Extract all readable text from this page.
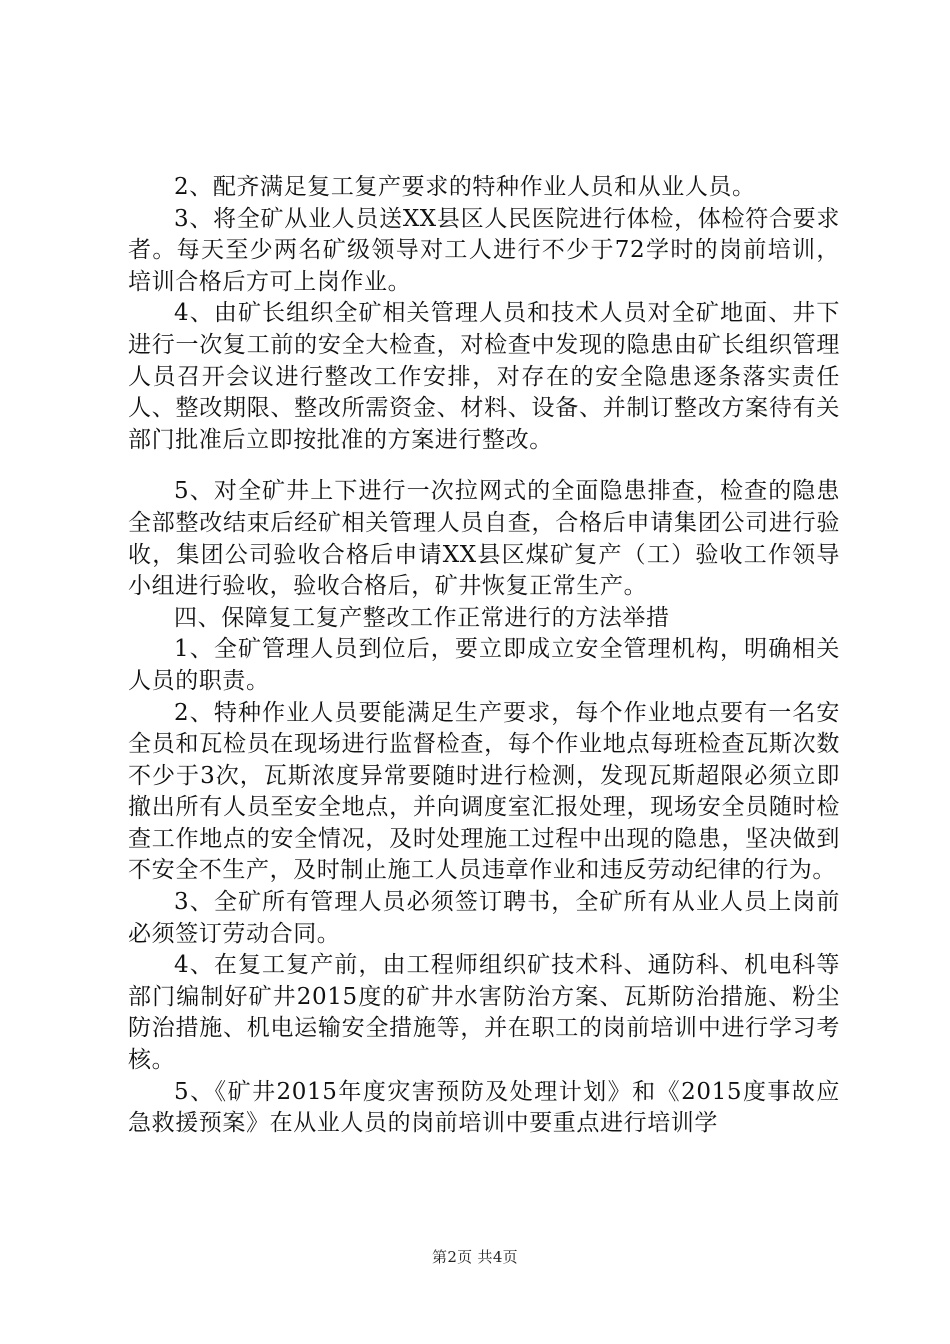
2、配齐满足复工复产要求的特种作业人员和从业人员。

3、将全矿从业人员送XX县区人民医院进行体检，体检符合要求者。每天至少两名矿级领导对工人进行不少于72学时的岗前培训，培训合格后方可上岗作业。

4、由矿长组织全矿相关管理人员和技术人员对全矿地面、井下进行一次复工前的安全大检查，对检查中发现的隐患由矿长组织管理人员召开会议进行整改工作安排，对存在的安全隐患逐条落实责任人、整改期限、整改所需资金、材料、设备、并制订整改方案待有关部门批准后立即按批准的方案进行整改。

5、对全矿井上下进行一次拉网式的全面隐患排查，检查的隐患全部整改结束后经矿相关管理人员自查，合格后申请集团公司进行验收，集团公司验收合格后申请XX县区煤矿复产（工）验收工作领导小组进行验收，验收合格后，矿井恢复正常生产。

四、保障复工复产整改工作正常进行的方法举措

1、全矿管理人员到位后，要立即成立安全管理机构，明确相关人员的职责。

2、特种作业人员要能满足生产要求，每个作业地点要有一名安全员和瓦检员在现场进行监督检查，每个作业地点每班检查瓦斯次数不少于3次，瓦斯浓度异常要随时进行检测，发现瓦斯超限必须立即撤出所有人员至安全地点，并向调度室汇报处理，现场安全员随时检查工作地点的安全情况，及时处理施工过程中出现的隐患，坚决做到不安全不生产，及时制止施工人员违章作业和违反劳动纪律的行为。

3、全矿所有管理人员必须签订聘书，全矿所有从业人员上岗前必须签订劳动合同。

4、在复工复产前，由工程师组织矿技术科、通防科、机电科等部门编制好矿井2015度的矿井水害防治方案、瓦斯防治措施、粉尘防治措施、机电运输安全措施等，并在职工的岗前培训中进行学习考核。

5、《矿井2015年度灾害预防及处理计划》和《2015度事故应急救援预案》在从业人员的岗前培训中要重点进行培训学

第2页 共4页
